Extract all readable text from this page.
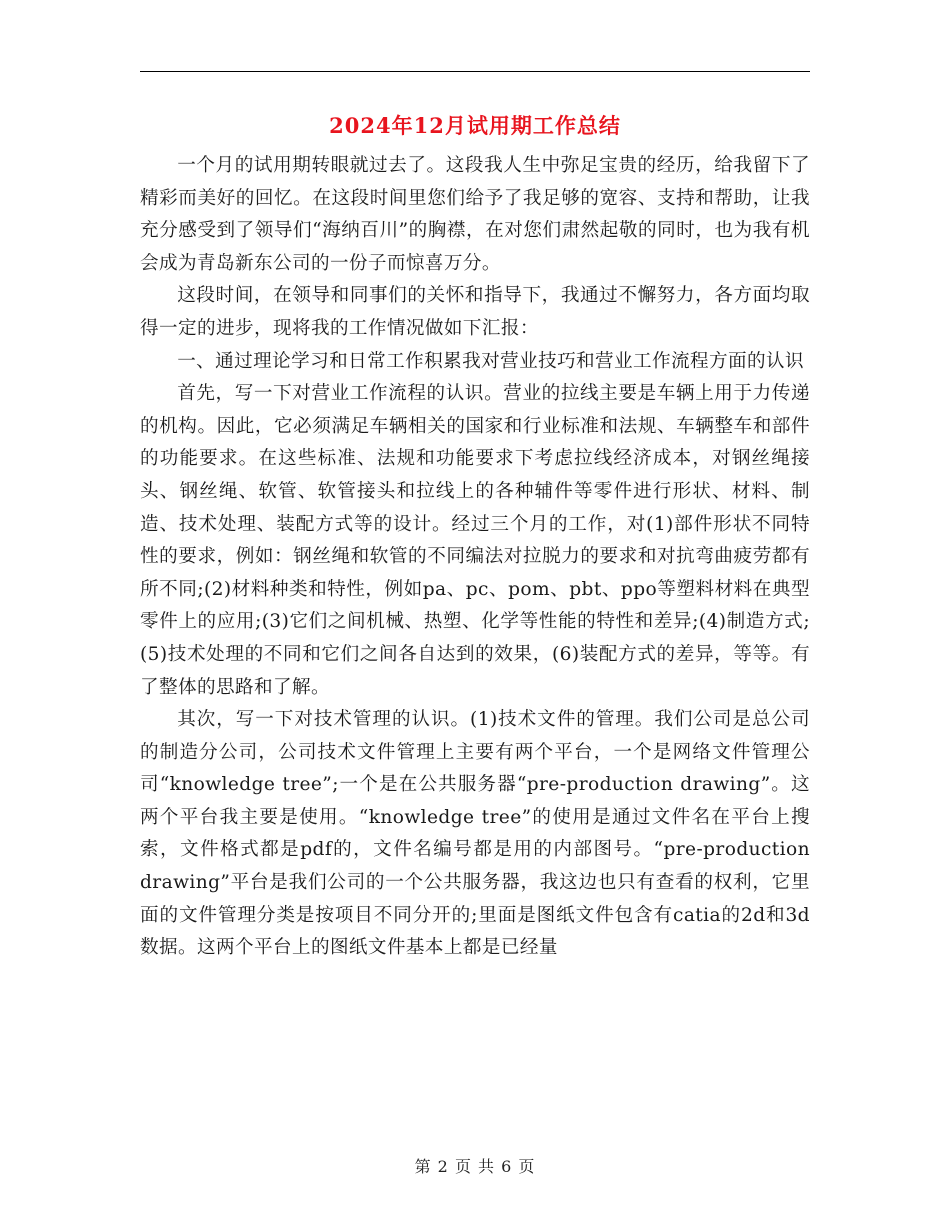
2024年12月试用期工作总结

一个月的试用期转眼就过去了。这段我人生中弥足宝贵的经历，给我留下了精彩而美好的回忆。在这段时间里您们给予了我足够的宽容、支持和帮助，让我充分感受到了领导们“海纳百川”的胸襟，在对您们肃然起敬的同时，也为我有机会成为青岛新东公司的一份子而惊喜万分。

这段时间，在领导和同事们的关怀和指导下，我通过不懈努力，各方面均取得一定的进步，现将我的工作情况做如下汇报：

一、通过理论学习和日常工作积累我对营业技巧和营业工作流程方面的认识

首先，写一下对营业工作流程的认识。营业的拉线主要是车辆上用于力传递的机构。因此，它必须满足车辆相关的国家和行业标准和法规、车辆整车和部件的功能要求。在这些标准、法规和功能要求下考虑拉线经济成本，对钢丝绳接头、钢丝绳、软管、软管接头和拉线上的各种辅件等零件进行形状、材料、制造、技术处理、装配方式等的设计。经过三个月的工作，对(1)部件形状不同特性的要求，例如：钢丝绳和软管的不同编法对拉脱力的要求和对抗弯曲疲劳都有所不同;(2)材料种类和特性，例如pa、pc、pom、pbt、ppo等塑料材料在典型零件上的应用;(3)它们之间机械、热塑、化学等性能的特性和差异;(4)制造方式;(5)技术处理的不同和它们之间各自达到的效果，(6)装配方式的差异，等等。有了整体的思路和了解。

其次，写一下对技术管理的认识。(1)技术文件的管理。我们公司是总公司的制造分公司，公司技术文件管理上主要有两个平台，一个是网络文件管理公司“knowledge tree”;一个是在公共服务器“pre-production drawing”。这两个平台我主要是使用。“knowledge tree”的使用是通过文件名在平台上搜索，文件格式都是pdf的，文件名编号都是用的内部图号。“pre-production drawing”平台是我们公司的一个公共服务器，我这边也只有查看的权利，它里面的文件管理分类是按项目不同分开的;里面是图纸文件包含有catia的2d和3d数据。这两个平台上的图纸文件基本上都是已经量

第 2 页 共 6 页
